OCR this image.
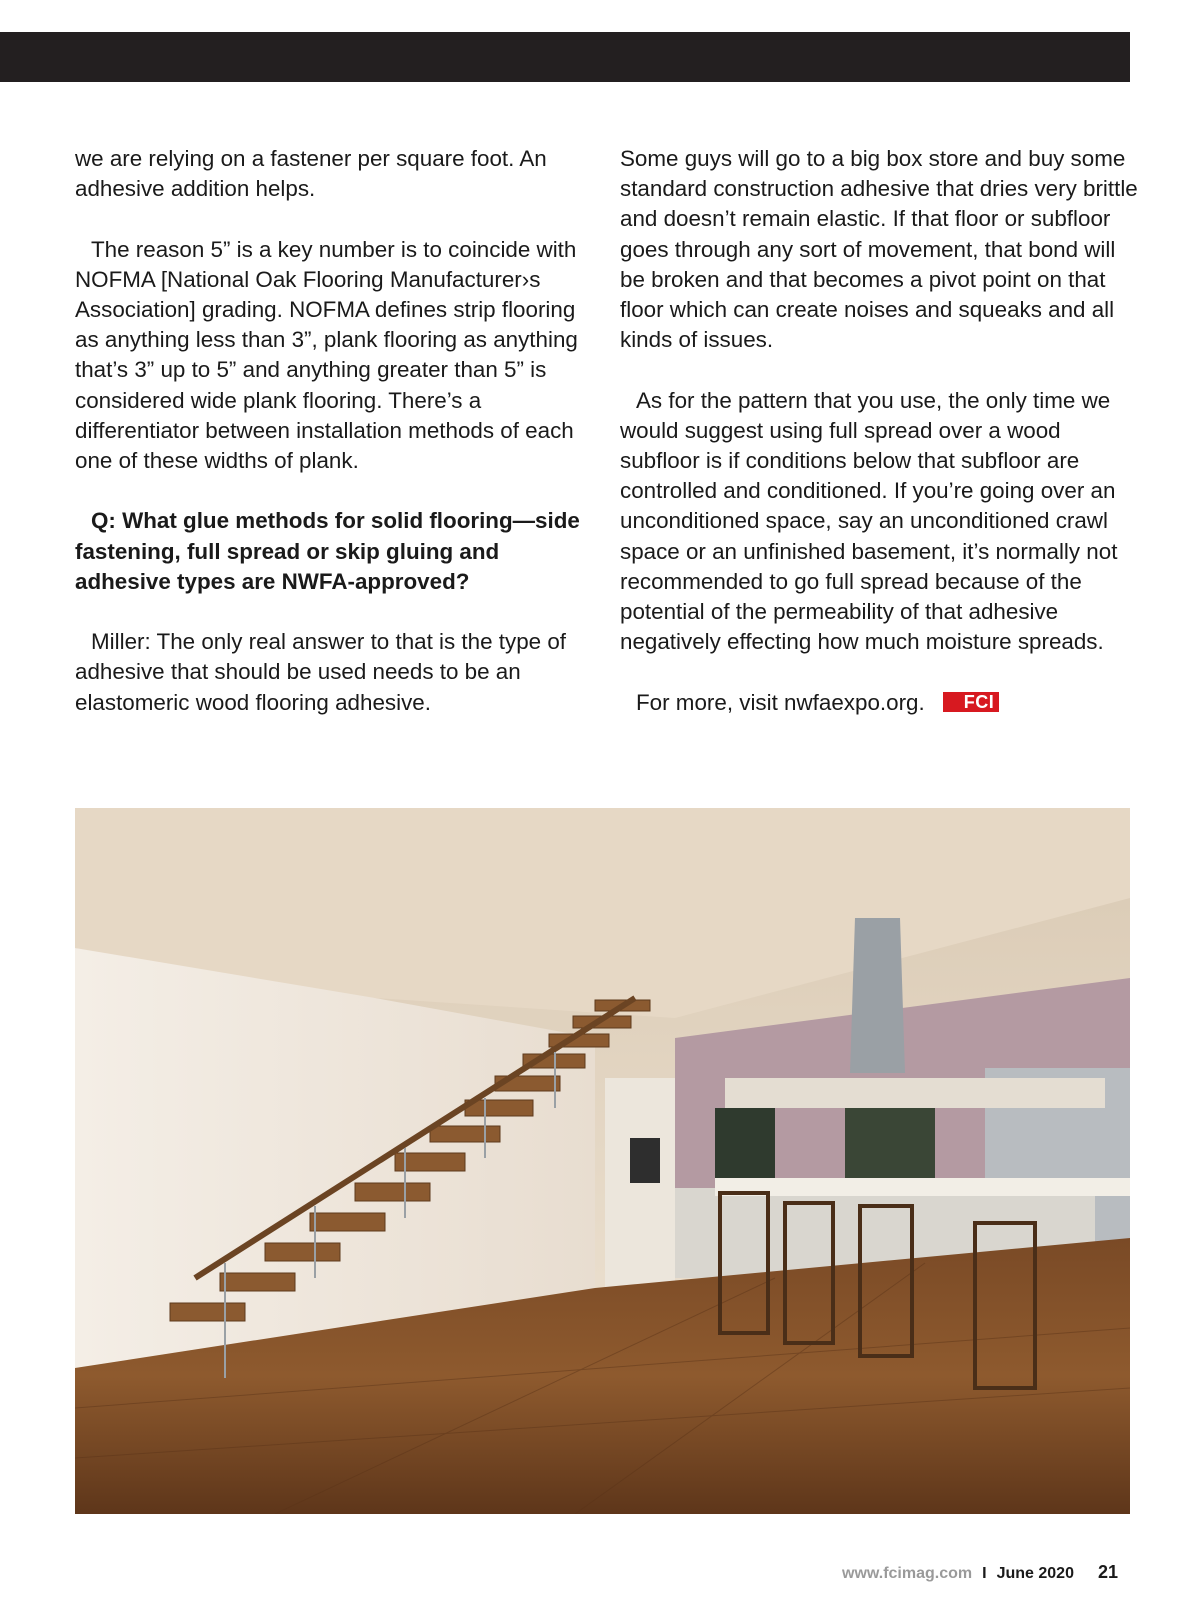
we are relying on a fastener per square foot. An adhesive addition helps.

The reason 5” is a key number is to coincide with NOFMA [National Oak Flooring Manufacturer›s Association] grading. NOFMA defines strip flooring as anything less than 3”, plank flooring as anything that’s 3” up to 5” and anything greater than 5” is considered wide plank flooring. There’s a differentiator between installation methods of each one of these widths of plank.

Q: What glue methods for solid flooring—side fastening, full spread or skip gluing and adhesive types are NWFA-approved?

Miller: The only real answer to that is the type of adhesive that should be used needs to be an elastomeric wood flooring adhesive.

Some guys will go to a big box store and buy some standard construction adhesive that dries very brittle and doesn’t remain elastic. If that floor or subfloor goes through any sort of movement, that bond will be broken and that becomes a pivot point on that floor which can create noises and squeaks and all kinds of issues.

As for the pattern that you use, the only time we would suggest using full spread over a wood subfloor is if conditions below that subfloor are controlled and conditioned. If you’re going over an unconditioned space, say an unconditioned crawl space or an unfinished basement, it’s normally not recommended to go full spread because of the potential of the permeability of that adhesive negatively effecting how much moisture spreads.

For more, visit nwfaexpo.org. FCI

www.fcimag.com I June 2020 21
